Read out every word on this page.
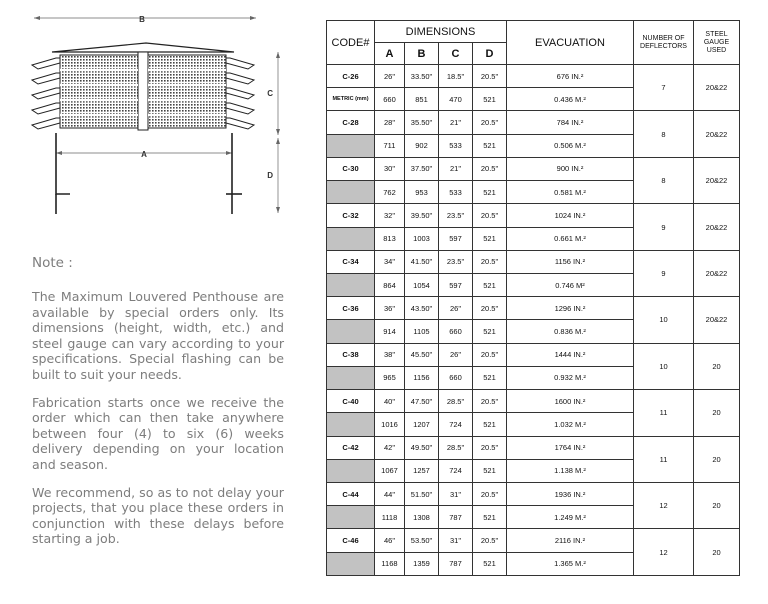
B
A
C
D
Note :

The Maximum Louvered Penthouse are available by special orders only. Its dimensions (height, width, etc.) and steel gauge can vary according to your specifications. Special flashing can be built to suit your needs.

Fabrication starts once we receive the order which can then take anywhere between four (4) to six (6) weeks delivery depending on your location and season.

We recommend, so as to not delay your projects, that you place these orders in conjunction with these delays before starting a job.

CODE#	DIMENSIONS				EVACUATION	NUMBER OF DEFLECTORS	STEEL GAUGE USED
	A	B	C	D			
C-26	26"	33.50"	18.5"	20.5"	676 IN.²	7	20&22
METRIC (mm)	660	851	470	521	0.436 M.²		
C-28	28"	35.50"	21"	20.5"	784 IN.²	8	20&22
	711	902	533	521	0.506 M.²		
C-30	30"	37.50"	21"	20.5"	900 IN.²	8	20&22
	762	953	533	521	0.581 M.²		
C-32	32"	39.50"	23.5"	20.5"	1024 IN.²	9	20&22
	813	1003	597	521	0.661 M.²		
C-34	34"	41.50"	23.5"	20.5"	1156 IN.²	9	20&22
	864	1054	597	521	0.746 M²		
C-36	36"	43.50"	26"	20.5"	1296 IN.²	10	20&22
	914	1105	660	521	0.836 M.²		
C-38	38"	45.50"	26"	20.5"	1444 IN.²	10	20
	965	1156	660	521	0.932 M.²		
C-40	40"	47.50"	28.5"	20.5"	1600 IN.²	11	20
	1016	1207	724	521	1.032 M.²		
C-42	42"	49.50"	28.5"	20.5"	1764 IN.²	11	20
	1067	1257	724	521	1.138 M.²		
C-44	44"	51.50"	31"	20.5"	1936 IN.²	12	20
	1118	1308	787	521	1.249 M.²		
C-46	46"	53.50"	31"	20.5"	2116 IN.²	12	20
	1168	1359	787	521	1.365 M.²		
